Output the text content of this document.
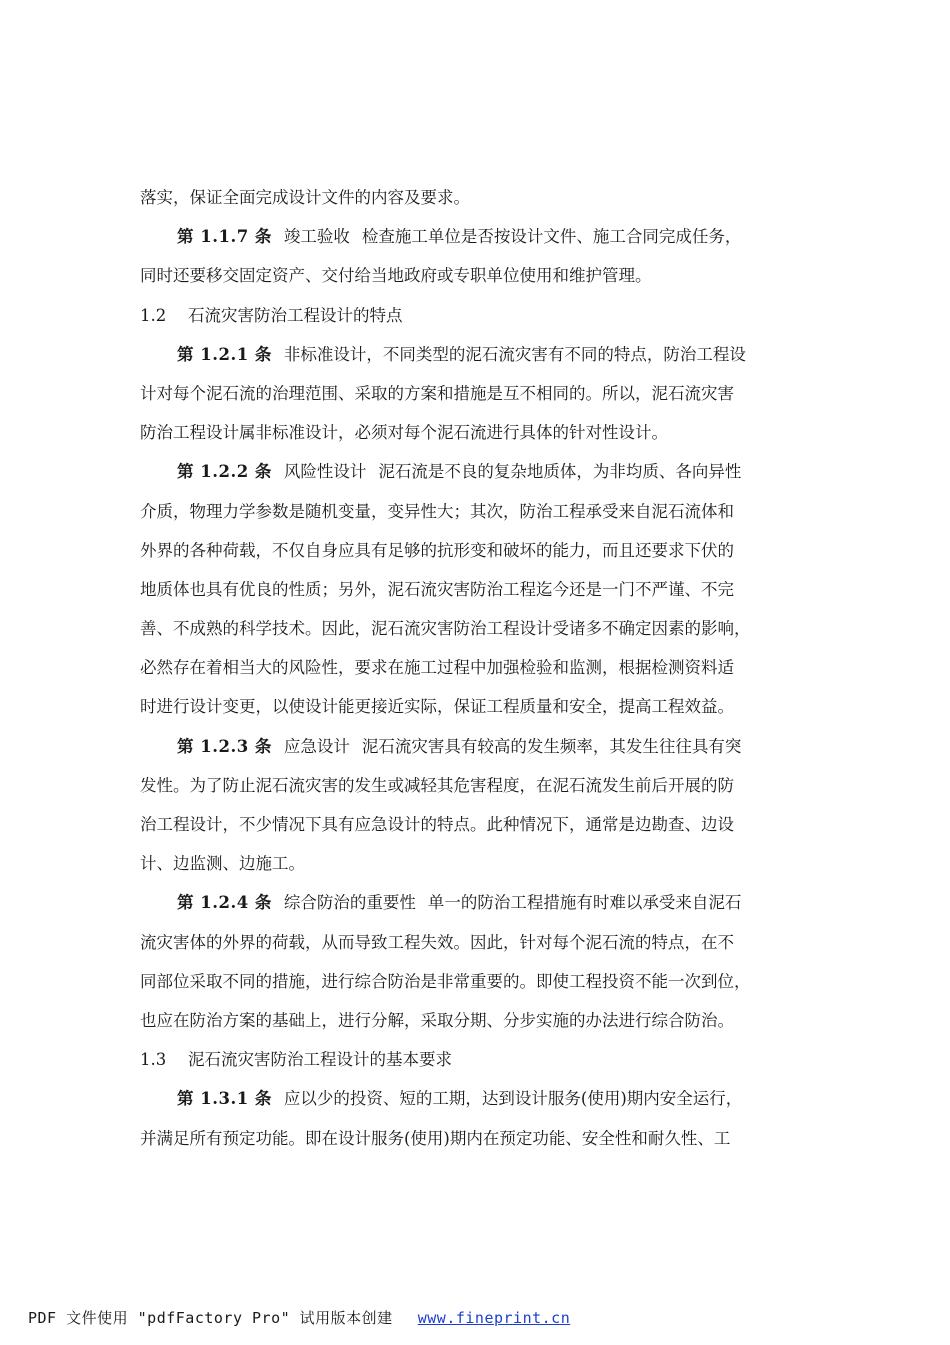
落实，保证全面完成设计文件的内容及要求。
第 1.1.7 条 竣工验收 检查施工单位是否按设计文件、施工合同完成任务，
同时还要移交固定资产、交付给当地政府或专职单位使用和维护管理。
1.2 石流灾害防治工程设计的特点
第 1.2.1 条 非标准设计，不同类型的泥石流灾害有不同的特点，防治工程设
计对每个泥石流的治理范围、采取的方案和措施是互不相同的。所以，泥石流灾害
防治工程设计属非标准设计，必须对每个泥石流进行具体的针对性设计。
第 1.2.2 条 风险性设计 泥石流是不良的复杂地质体，为非均质、各向异性
介质，物理力学参数是随机变量，变异性大；其次，防治工程承受来自泥石流体和
外界的各种荷载，不仅自身应具有足够的抗形变和破坏的能力，而且还要求下伏的
地质体也具有优良的性质；另外，泥石流灾害防治工程迄今还是一门不严谨、不完
善、不成熟的科学技术。因此，泥石流灾害防治工程设计受诸多不确定因素的影响，
必然存在着相当大的风险性，要求在施工过程中加强检验和监测，根据检测资料适
时进行设计变更，以使设计能更接近实际，保证工程质量和安全，提高工程效益。
第 1.2.3 条 应急设计 泥石流灾害具有较高的发生频率，其发生往往具有突
发性。为了防止泥石流灾害的发生或减轻其危害程度，在泥石流发生前后开展的防
治工程设计，不少情况下具有应急设计的特点。此种情况下，通常是边勘查、边设
计、边监测、边施工。
第 1.2.4 条 综合防治的重要性 单一的防治工程措施有时难以承受来自泥石
流灾害体的外界的荷载，从而导致工程失效。因此，针对每个泥石流的特点，在不
同部位采取不同的措施，进行综合防治是非常重要的。即使工程投资不能一次到位，
也应在防治方案的基础上，进行分解，采取分期、分步实施的办法进行综合防治。
1.3 泥石流灾害防治工程设计的基本要求
第 1.3.1 条 应以少的投资、短的工期，达到设计服务(使用)期内安全运行，
并满足所有预定功能。即在设计服务(使用)期内在预定功能、安全性和耐久性、工
PDF 文件使用 "pdfFactory Pro" 试用版本创建 www.fineprint.cn
